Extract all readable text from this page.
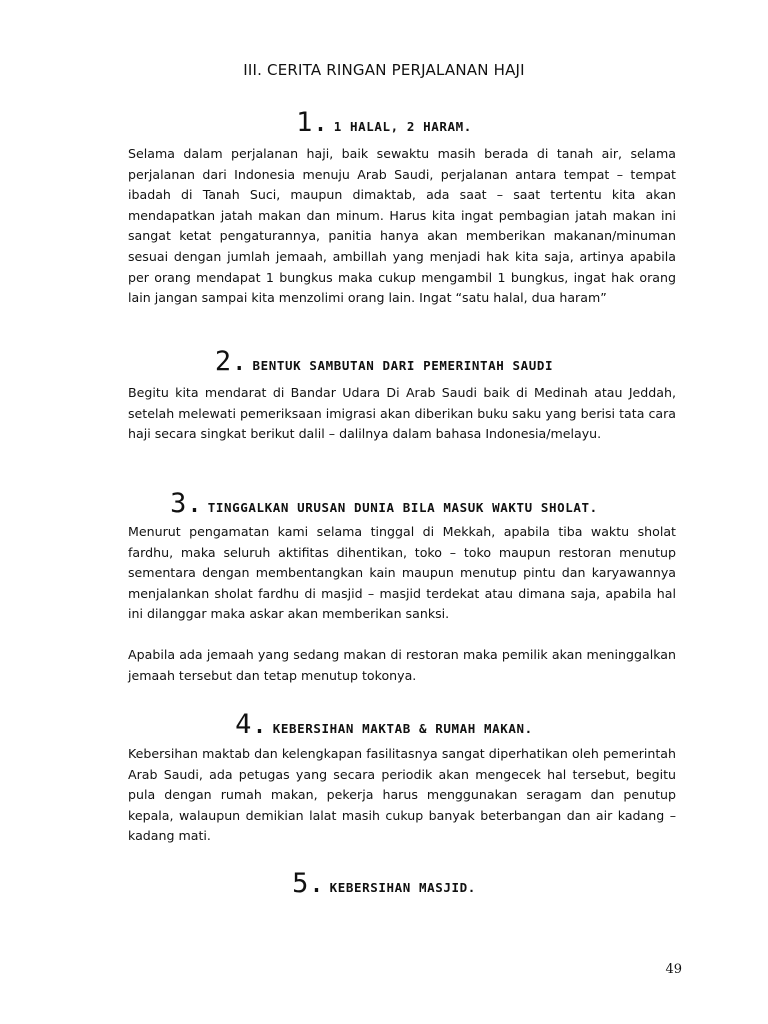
III. CERITA RINGAN PERJALANAN HAJI
1. 1 HALAL, 2 HARAM.

Selama dalam perjalanan haji, baik sewaktu masih berada di tanah air, selama perjalanan dari Indonesia menuju Arab Saudi, perjalanan antara tempat – tempat ibadah di Tanah Suci, maupun dimaktab, ada saat – saat tertentu kita akan mendapatkan jatah makan dan minum. Harus kita ingat pembagian jatah makan ini sangat ketat pengaturannya, panitia hanya akan memberikan makanan/minuman sesuai dengan jumlah jemaah, ambillah yang menjadi hak kita saja, artinya apabila per orang mendapat 1 bungkus maka cukup mengambil 1 bungkus, ingat hak orang lain jangan sampai kita menzolimi orang lain. Ingat “satu halal, dua haram”

2. BENTUK SAMBUTAN DARI PEMERINTAH SAUDI

Begitu kita mendarat di Bandar Udara Di Arab Saudi baik di Medinah atau Jeddah, setelah melewati pemeriksaan imigrasi akan diberikan buku saku yang berisi tata cara haji secara singkat berikut dalil – dalilnya dalam bahasa Indonesia/melayu.

3. TINGGALKAN URUSAN DUNIA BILA MASUK WAKTU SHOLAT.

Menurut pengamatan kami selama tinggal di Mekkah, apabila tiba waktu sholat fardhu, maka seluruh aktifitas dihentikan, toko – toko maupun restoran menutup sementara dengan membentangkan kain maupun menutup pintu dan karyawannya menjalankan sholat fardhu di masjid – masjid terdekat atau dimana saja, apabila hal ini dilanggar maka askar akan memberikan sanksi.

Apabila ada jemaah yang sedang makan di restoran maka pemilik akan meninggalkan jemaah tersebut dan tetap menutup tokonya.

4. KEBERSIHAN MAKTAB & RUMAH MAKAN.

Kebersihan maktab dan kelengkapan fasilitasnya sangat diperhatikan oleh pemerintah Arab Saudi, ada petugas yang secara periodik akan mengecek hal tersebut, begitu pula dengan rumah makan, pekerja harus menggunakan seragam dan penutup kepala, walaupun demikian lalat masih cukup banyak beterbangan dan air kadang – kadang mati.

5. KEBERSIHAN MASJID.
49
